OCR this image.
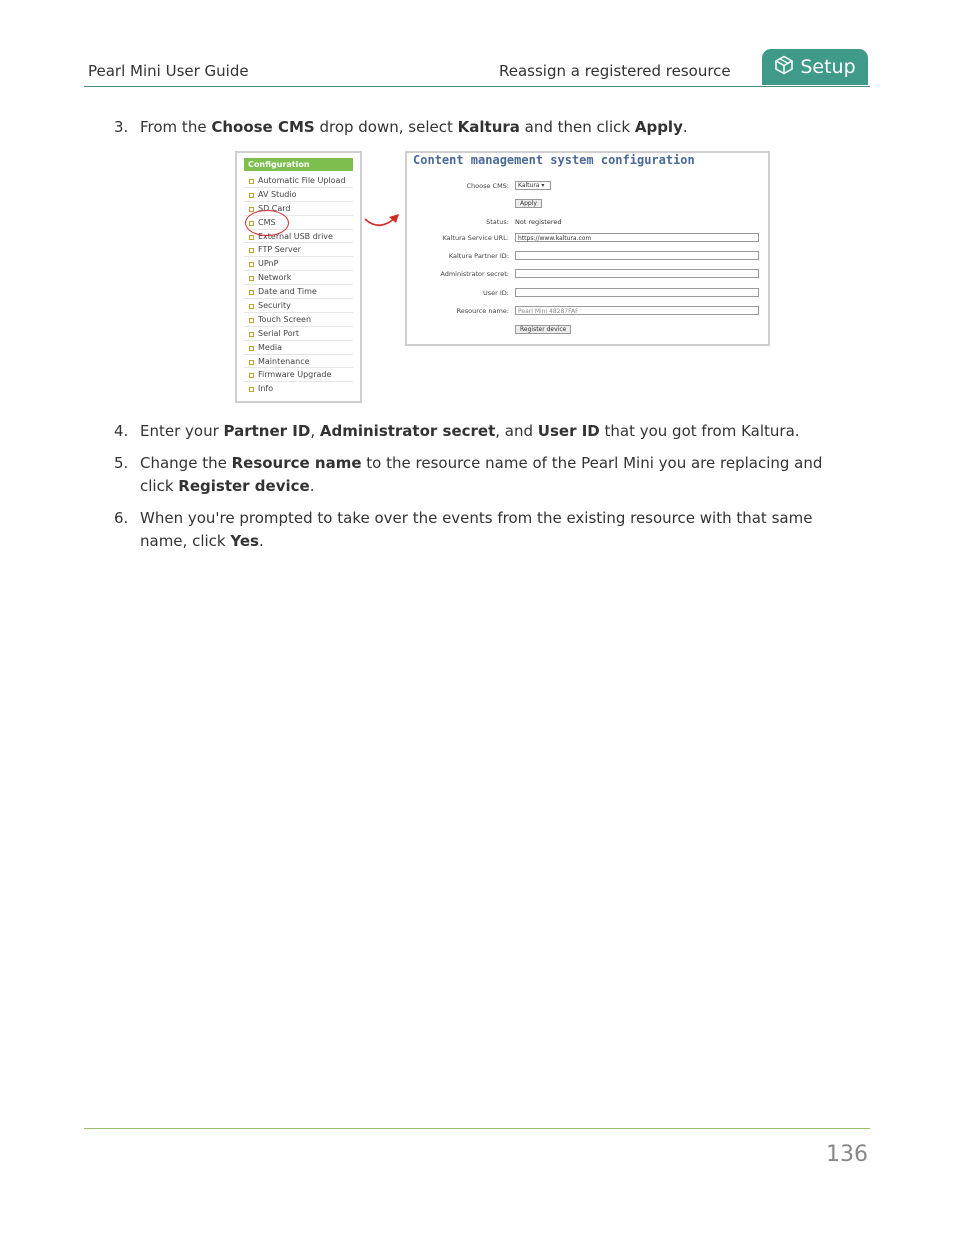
Pearl Mini User Guide	Reassign a registered resource	Setup
3. From the Choose CMS drop down, select Kaltura and then click Apply.
Configuration
Automatic File Upload
AV Studio
SD Card
CMS
External USB drive
FTP Server
UPnP
Network
Date and Time
Security
Touch Screen
Serial Port
Media
Maintenance
Firmware Upgrade
Info
Content management system configuration
Choose CMS:	Kaltura ▾
Apply
Status: Not registered
Kaltura Service URL:	https://www.kaltura.com
Kaltura Partner ID:
Administrator secret:
User ID:
Resource name:	Pearl Mini 48287FAF
Register device
4. Enter your Partner ID, Administrator secret, and User ID that you got from Kaltura.
5. Change the Resource name to the resource name of the Pearl Mini you are replacing and click Register device.
6. When you're prompted to take over the events from the existing resource with that same name, click Yes.
136
